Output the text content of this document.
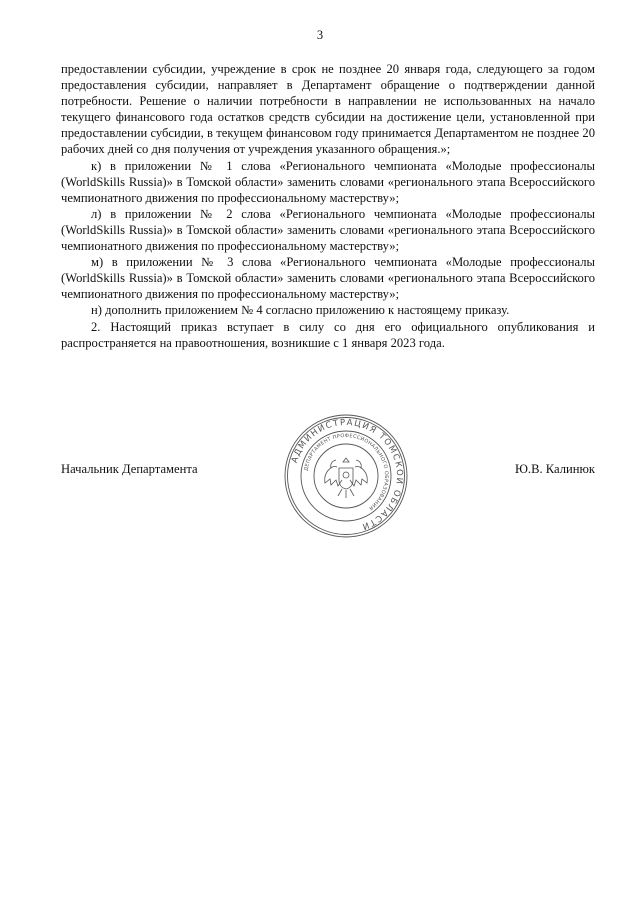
3

предоставлении субсидии, учреждение в срок не позднее 20 января года, следующего за годом предоставления субсидии, направляет в Департамент обращение о подтверждении данной потребности. Решение о наличии потребности в направлении не использованных на начало текущего финансового года остатков средств субсидии на достижение цели, установленной при предоставлении субсидии, в текущем финансовом году принимается Департаментом не позднее 20 рабочих дней со дня получения от учреждения указанного обращения.»;

к) в приложении № 1 слова «Регионального чемпионата «Молодые профессионалы (WorldSkills Russia)» в Томской области» заменить словами «регионального этапа Всероссийского чемпионатного движения по профессиональному мастерству»;

л) в приложении № 2 слова «Регионального чемпионата «Молодые профессионалы (WorldSkills Russia)» в Томской области» заменить словами «регионального этапа Всероссийского чемпионатного движения по профессиональному мастерству»;

м) в приложении № 3 слова «Регионального чемпионата «Молодые профессионалы (WorldSkills Russia)» в Томской области» заменить словами «регионального этапа Всероссийского чемпионатного движения по профессиональному мастерству»;

н) дополнить приложением № 4 согласно приложению к настоящему приказу.

2. Настоящий приказ вступает в силу со дня его официального опубликования и распространяется на правоотношения, возникшие с 1 января 2023 года.

Начальник Департамента	Ю.В. Калинюк
АДМИНИСТРАЦИЯ ТОМСКОЙ ОБЛАСТИ
ДЕПАРТАМЕНТ ПРОФЕССИОНАЛЬНОГО ОБРАЗОВАНИЯ
